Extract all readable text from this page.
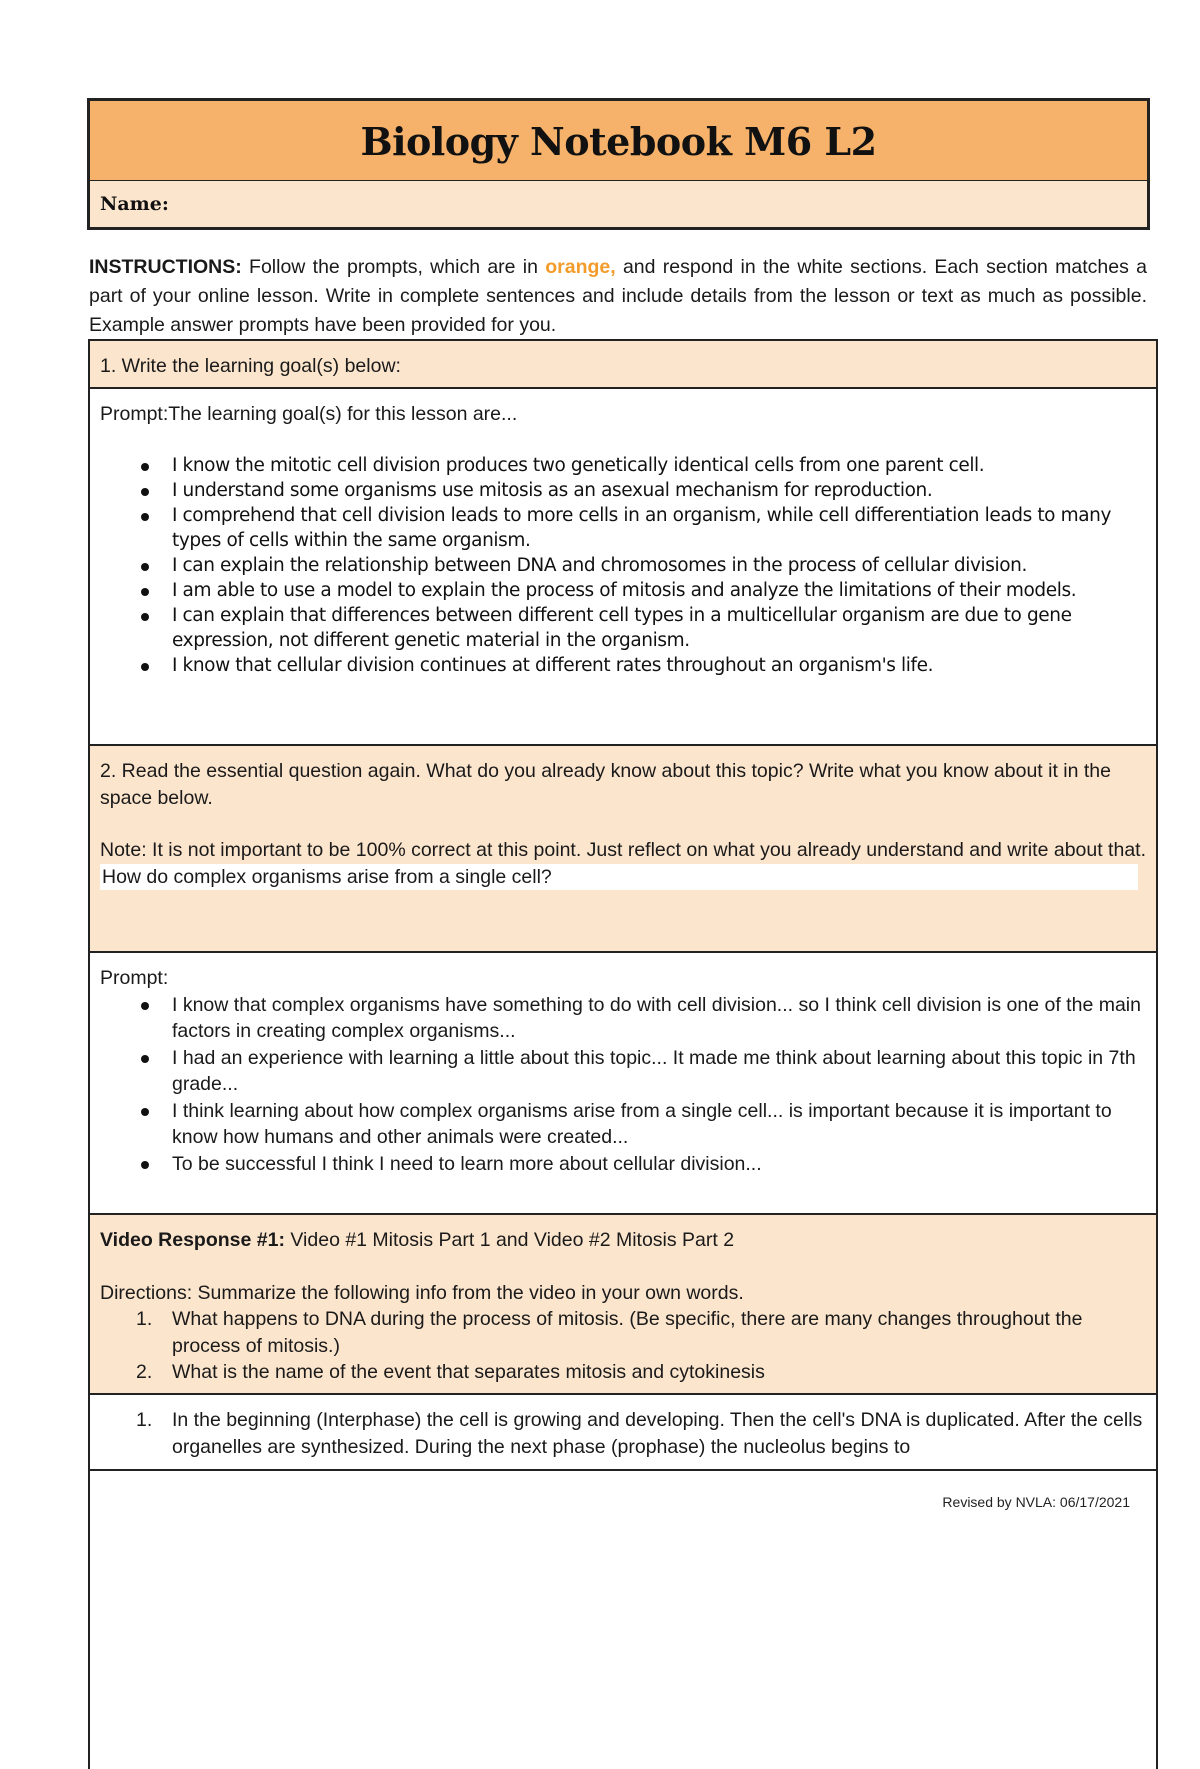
Biology Notebook M6 L2
Name:

INSTRUCTIONS: Follow the prompts, which are in orange, and respond in the white sections. Each section matches a part of your online lesson. Write in complete sentences and include details from the lesson or text as much as possible. Example answer prompts have been provided for you.

1. Write the learning goal(s) below:

Prompt:The learning goal(s) for this lesson are...

I know the mitotic cell division produces two genetically identical cells from one parent cell.
I understand some organisms use mitosis as an asexual mechanism for reproduction.
I comprehend that cell division leads to more cells in an organism, while cell differentiation leads to many types of cells within the same organism.
I can explain the relationship between DNA and chromosomes in the process of cellular division.
I am able to use a model to explain the process of mitosis and analyze the limitations of their models.
I can explain that differences between different cell types in a multicellular organism are due to gene expression, not different genetic material in the organism.
I know that cellular division continues at different rates throughout an organism's life.

2. Read the essential question again. What do you already know about this topic? Write what you know about it in the space below.

Note: It is not important to be 100% correct at this point. Just reflect on what you already understand and write about that.

How do complex organisms arise from a single cell?

Prompt:

I know that complex organisms have something to do with cell division... so I think cell division is one of the main factors in creating complex organisms...
I had an experience with learning a little about this topic... It made me think about learning about this topic in 7th grade...
I think learning about how complex organisms arise from a single cell... is important because it is important to know how humans and other animals were created...
To be successful I think I need to learn more about cellular division...

Video Response #1: Video #1 Mitosis Part 1 and Video #2 Mitosis Part 2

Directions: Summarize the following info from the video in your own words.

1. What happens to DNA during the process of mitosis. (Be specific, there are many changes throughout the process of mitosis.)
2. What is the name of the event that separates mitosis and cytokinesis
1. In the beginning (Interphase) the cell is growing and developing. Then the cell's DNA is duplicated. After the cells organelles are synthesized. During the next phase (prophase) the nucleolus begins to
Revised by NVLA: 06/17/2021
